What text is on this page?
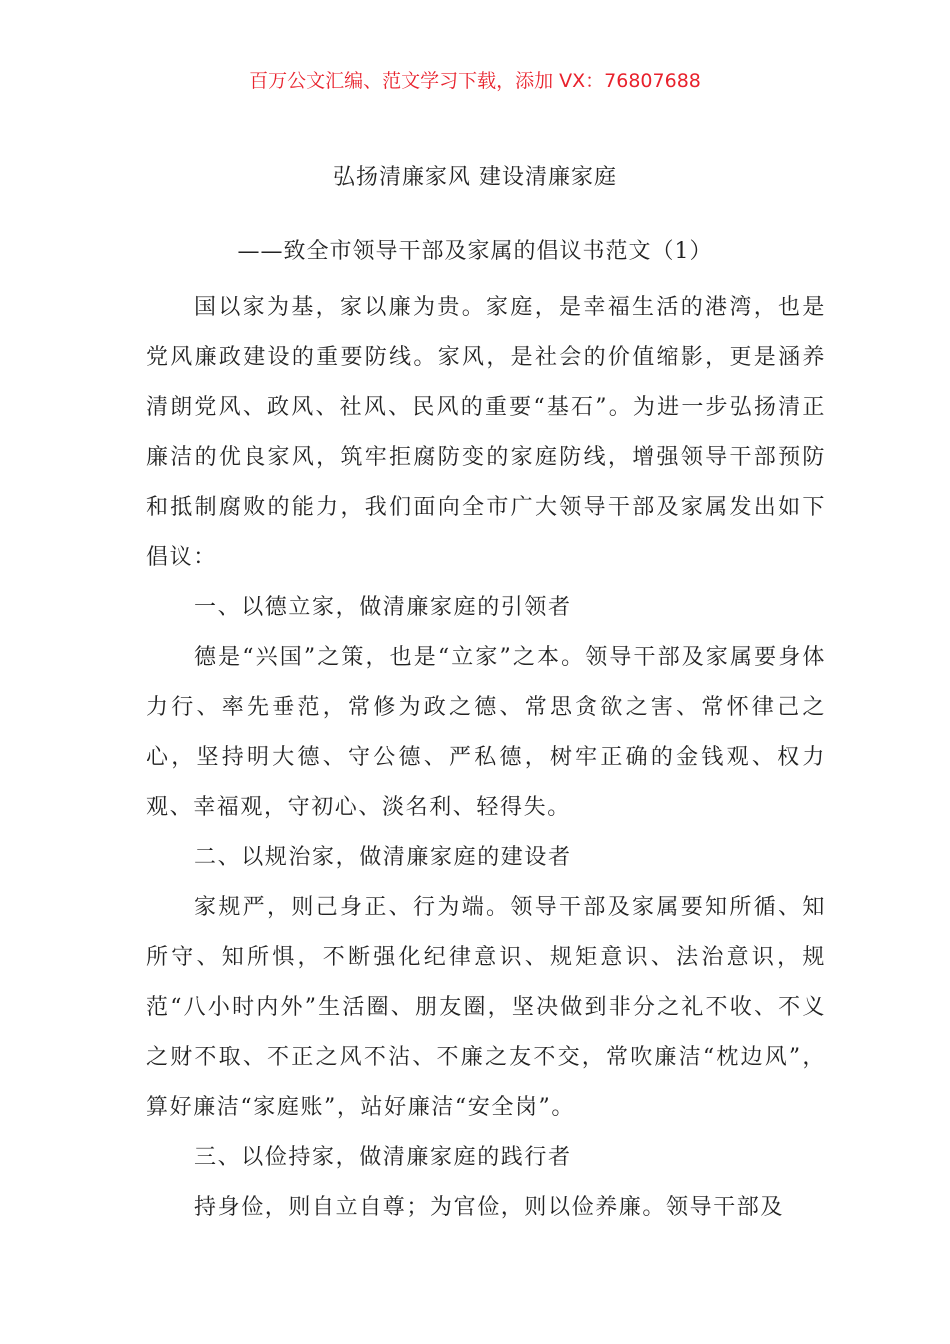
百万公文汇编、范文学习下载，添加 VX：76807688
弘扬清廉家风 建设清廉家庭
——致全市领导干部及家属的倡议书范文（1）

国以家为基，家以廉为贵。家庭，是幸福生活的港湾，也是党风廉政建设的重要防线。家风，是社会的价值缩影，更是涵养清朗党风、政风、社风、民风的重要“基石”。为进一步弘扬清正廉洁的优良家风，筑牢拒腐防变的家庭防线，增强领导干部预防和抵制腐败的能力，我们面向全市广大领导干部及家属发出如下倡议：

一、以德立家，做清廉家庭的引领者

德是“兴国”之策，也是“立家”之本。领导干部及家属要身体力行、率先垂范，常修为政之德、常思贪欲之害、常怀律己之心，坚持明大德、守公德、严私德，树牢正确的金钱观、权力观、幸福观，守初心、淡名利、轻得失。

二、以规治家，做清廉家庭的建设者

家规严，则己身正、行为端。领导干部及家属要知所循、知所守、知所惧，不断强化纪律意识、规矩意识、法治意识，规范“八小时内外”生活圈、朋友圈，坚决做到非分之礼不收、不义之财不取、不正之风不沾、不廉之友不交，常吹廉洁“枕边风”，算好廉洁“家庭账”，站好廉洁“安全岗”。

三、以俭持家，做清廉家庭的践行者

持身俭，则自立自尊；为官俭，则以俭养廉。领导干部及
